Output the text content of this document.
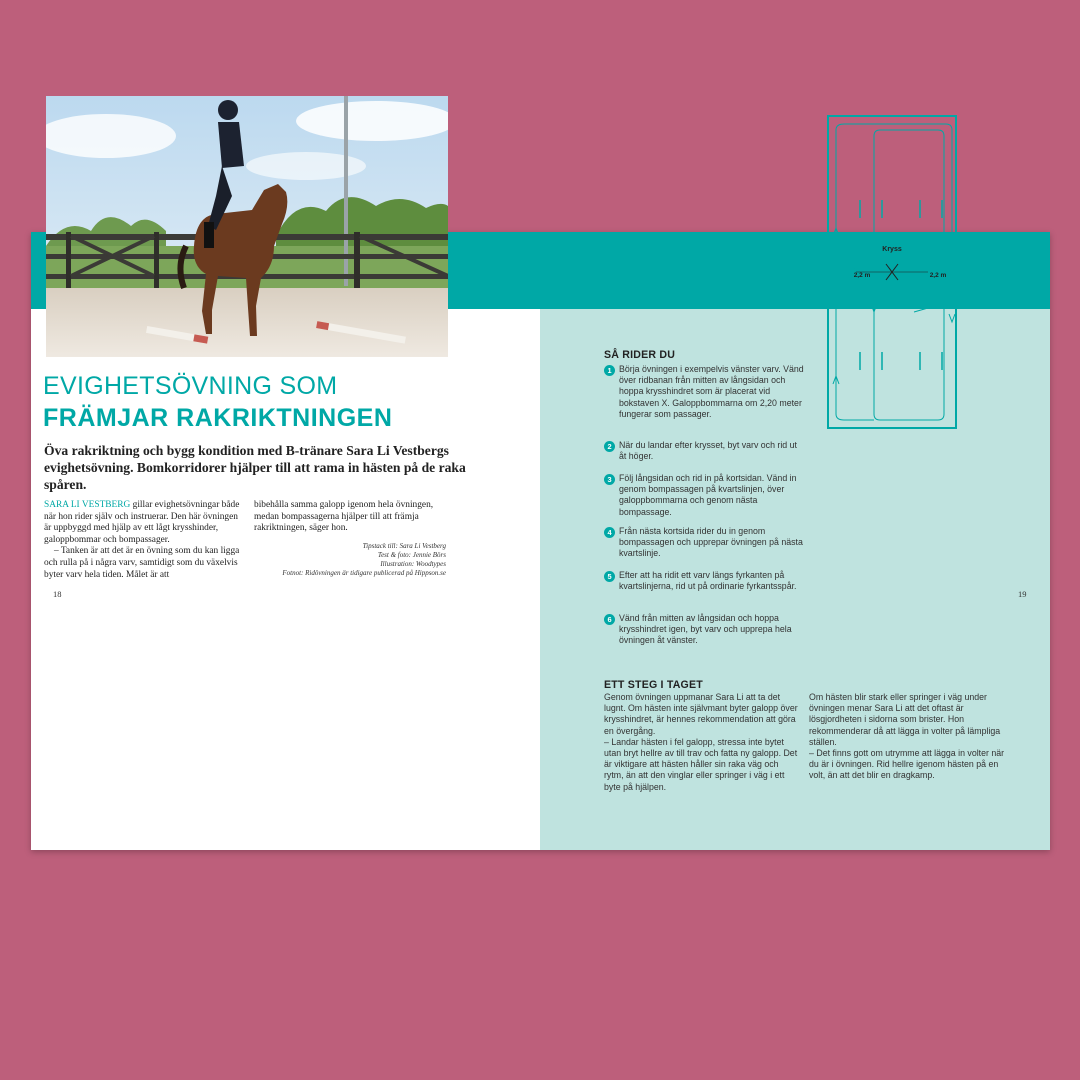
EVIGHETSÖVNING SOM
FRÄMJAR RAKRIKTNINGEN
Öva rakriktning och bygg kondition med B-tränare Sara Li Vestbergs evighetsövning. Bomkorridorer hjälper till att rama in hästen på de raka spåren.

SARA LI VESTBERG gillar evighetsövningar både när hon rider själv och instruerar. Den här övningen är uppbyggd med hjälp av ett lågt krysshinder, galoppbommar och bompassager.

– Tanken är att det är en övning som du kan ligga och rulla på i några varv, samtidigt som du växelvis byter varv hela tiden. Målet är att

bibehålla samma galopp igenom hela övningen, medan bompassagerna hjälper till att främja rakriktningen, säger hon.
Tipstack till: Sara Li Vestberg
Test & foto: Jennie Börs
Illustration: Woodtypes
Fotnot: Ridövningen är tidigare publicerad på Hippson.se
18	19
SÅ RIDER DU
1 Börja övningen i exempelvis vänster varv. Vänd över ridbanan från mitten av långsidan och hoppa krysshindret som är placerat vid bokstaven X. Galoppbommarna om 2,20 meter fungerar som passager.
2 När du landar efter krysset, byt varv och rid ut åt höger.
3 Följ långsidan och rid in på kortsidan. Vänd in genom bompassagen på kvartslinjen, över galoppbommarna och genom nästa bompassage.
4 Från nästa kortsida rider du in genom bompassagen och upprepar övningen på nästa kvartslinje.
5 Efter att ha ridit ett varv längs fyrkanten på kvartslinjerna, rid ut på ordinarie fyrkantsspår.
6 Vänd från mitten av långsidan och hoppa krysshindret igen, byt varv och upprepa hela övningen åt vänster.
Kryss
2,2 m	2,2 m
ETT STEG I TAGET
Genom övningen uppmanar Sara Li att ta det lugnt. Om hästen inte självmant byter galopp över krysshindret, är hennes rekommendation att göra en övergång.
– Landar hästen i fel galopp, stressa inte bytet utan bryt hellre av till trav och fatta ny galopp. Det är viktigare att hästen håller sin raka väg och rytm, än att den vinglar eller springer i väg i ett byte på hjälpen.
Om hästen blir stark eller springer i väg under övningen menar Sara Li att det oftast är lösgjordheten i sidorna som brister. Hon rekommenderar då att lägga in volter på lämpliga ställen.
– Det finns gott om utrymme att lägga in volter när du är i övningen. Rid hellre igenom hästen på en volt, än att det blir en dragkamp.
